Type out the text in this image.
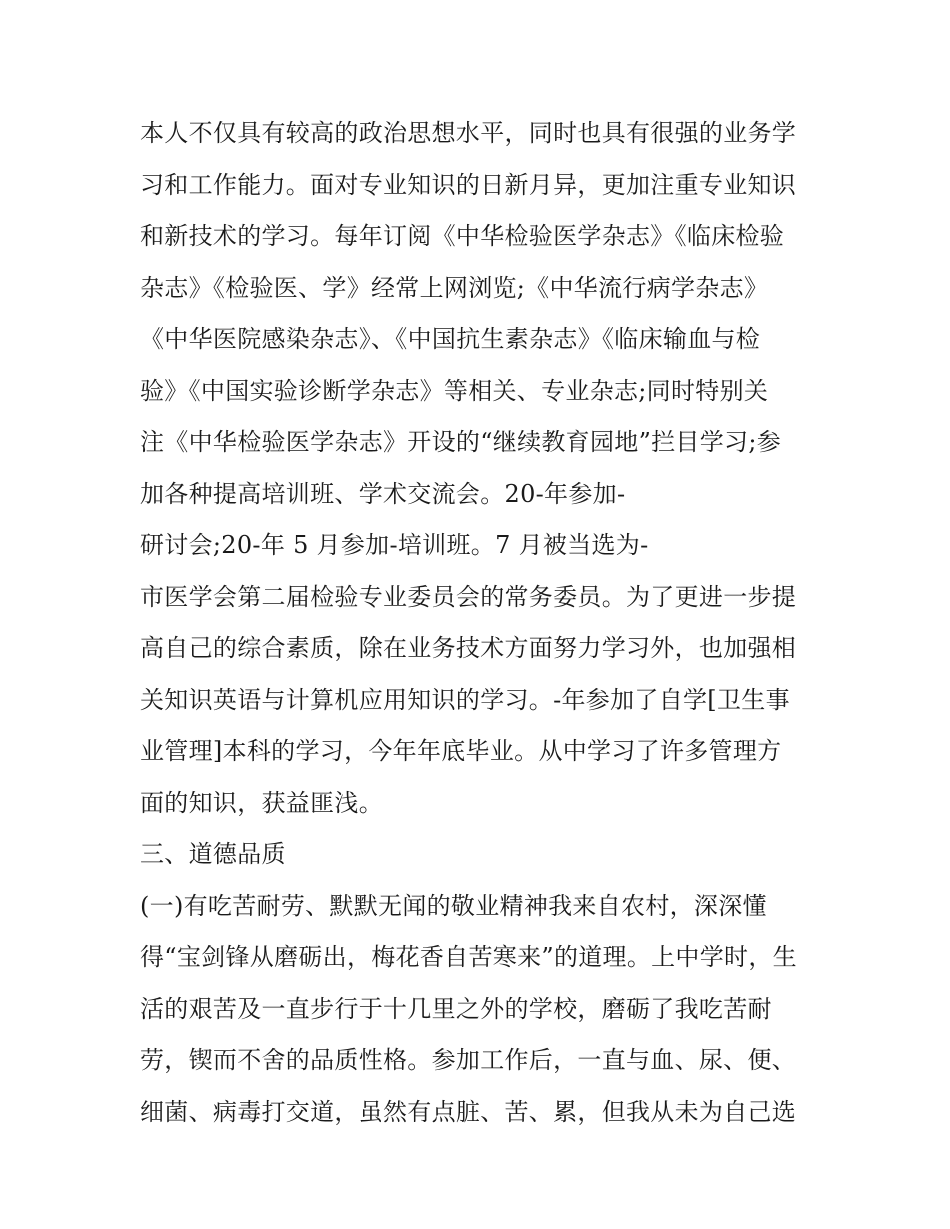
本人不仅具有较高的政治思想水平，同时也具有很强的业务学
习和工作能力。面对专业知识的日新月异，更加注重专业知识
和新技术的学习。每年订阅《中华检验医学杂志》《临床检验
杂志》《检验医、学》经常上网浏览;《中华流行病学杂志》
《中华医院感染杂志》、《中国抗生素杂志》《临床输血与检
验》《中国实验诊断学杂志》等相关、专业杂志;同时特别关
注《中华检验医学杂志》开设的“继续教育园地”拦目学习;参
加各种提高培训班、学术交流会。20-年参加-
研讨会;20-年 5 月参加-培训班。7 月被当选为-
市医学会第二届检验专业委员会的常务委员。为了更进一步提
高自己的综合素质，除在业务技术方面努力学习外，也加强相
关知识英语与计算机应用知识的学习。-年参加了自学[卫生事
业管理]本科的学习，今年年底毕业。从中学习了许多管理方
面的知识，获益匪浅。
三、道德品质
(一)有吃苦耐劳、默默无闻的敬业精神我来自农村，深深懂
得“宝剑锋从磨砺出，梅花香自苦寒来”的道理。上中学时，生
活的艰苦及一直步行于十几里之外的学校，磨砺了我吃苦耐
劳，锲而不舍的品质性格。参加工作后，一直与血、尿、便、
细菌、病毒打交道，虽然有点脏、苦、累，但我从未为自己选
